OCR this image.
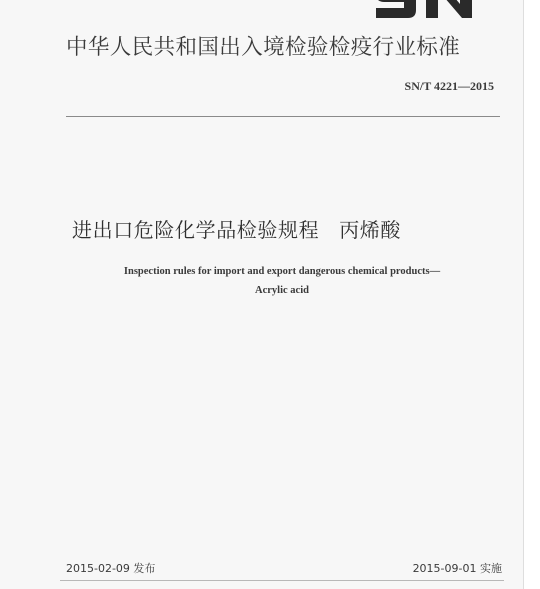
中华人民共和国出入境检验检疫行业标准
SN/T 4221—2015
进出口危险化学品检验规程 丙烯酸
Inspection rules for import and export dangerous chemical products—
Acrylic acid
2015-02-09 发布	2015-09-01 实施
